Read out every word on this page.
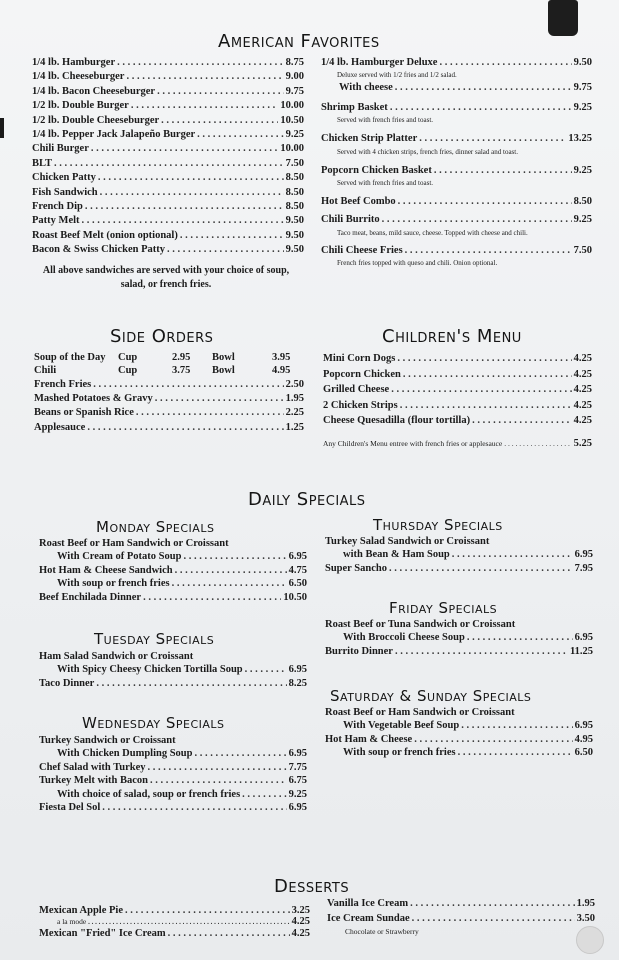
American Favorites
1/4 lb. Hamburger . . .	8.75
1/4 lb. Cheeseburger . . .	9.00
1/4 lb. Bacon Cheeseburger . . .	9.75
1/2 lb. Double Burger . . .	10.00
1/2 lb. Double Cheeseburger . . .	10.50
1/4 lb. Pepper Jack Jalapeño Burger . . .	9.25
Chili Burger . . .	10.00
BLT . . .	7.50
Chicken Patty . . .	8.50
Fish Sandwich . . .	8.50
French Dip . . .	8.50
Patty Melt . . .	9.50
Roast Beef Melt (onion optional) . . .	9.50
Bacon & Swiss Chicken Patty . . .	9.50
All above sandwiches are served with your choice of soup, salad, or french fries.
1/4 lb. Hamburger Deluxe . . .	9.50
Deluxe served with 1/2 fries and 1/2 salad.
With cheese . . .	9.75
Shrimp Basket . . .	9.25
Served with french fries and toast.
Chicken Strip Platter . . .	13.25
Served with 4 chicken strips, french fries, dinner salad and toast.
Popcorn Chicken Basket . . .	9.25
Served with french fries and toast.
Hot Beef Combo . . .	8.50
Chili Burrito . . .	9.25
Taco meat, beans, mild sauce, cheese. Topped with cheese and chili.
Chili Cheese Fries . . .	7.50
French fries topped with queso and chili. Onion optional.
Side Orders
Soup of the Day	Cup	2.95	Bowl	3.95
Chili	Cup	3.75	Bowl	4.95
French Fries . . .	2.50
Mashed Potatoes & Gravy . . .	1.95
Beans or Spanish Rice . . .	2.25
Applesauce . . .	1.25
Children's Menu
Mini Corn Dogs . . .	4.25
Popcorn Chicken . . .	4.25
Grilled Cheese . . .	4.25
2 Chicken Strips . . .	4.25
Cheese Quesadilla (flour tortilla) . . .	4.25
Any Children's Menu entree with french fries or applesauce . . .	5.25
Daily Specials
Monday Specials
Roast Beef or Ham Sandwich or Croissant
With Cream of Potato Soup . . .	6.95
Hot Ham & Cheese Sandwich . . .	4.75
With soup or french fries . . .	6.50
Beef Enchilada Dinner . . .	10.50
Tuesday Specials
Ham Salad Sandwich or Croissant
With Spicy Cheesy Chicken Tortilla Soup . . .	6.95
Taco Dinner . . .	8.25
Wednesday Specials
Turkey Sandwich or Croissant
With Chicken Dumpling Soup . . .	6.95
Chef Salad with Turkey . . .	7.75
Turkey Melt with Bacon . . .	6.75
With choice of salad, soup or french fries . . .	9.25
Fiesta Del Sol . . .	6.95
Thursday Specials
Turkey Salad Sandwich or Croissant
with Bean & Ham Soup . . .	6.95
Super Sancho . . .	7.95
Friday Specials
Roast Beef or Tuna Sandwich or Croissant
With Broccoli Cheese Soup . . .	6.95
Burrito Dinner . . .	11.25
Saturday & Sunday Specials
Roast Beef or Ham Sandwich or Croissant
With Vegetable Beef Soup . . .	6.95
Hot Ham & Cheese . . .	4.95
With soup or french fries . . .	6.50
Desserts
Mexican Apple Pie . . .	3.25
a la mode . . .	4.25
Mexican "Fried" Ice Cream . . .	4.25
Vanilla Ice Cream . . .	1.95
Ice Cream Sundae . . .	3.50
Chocolate or Strawberry
